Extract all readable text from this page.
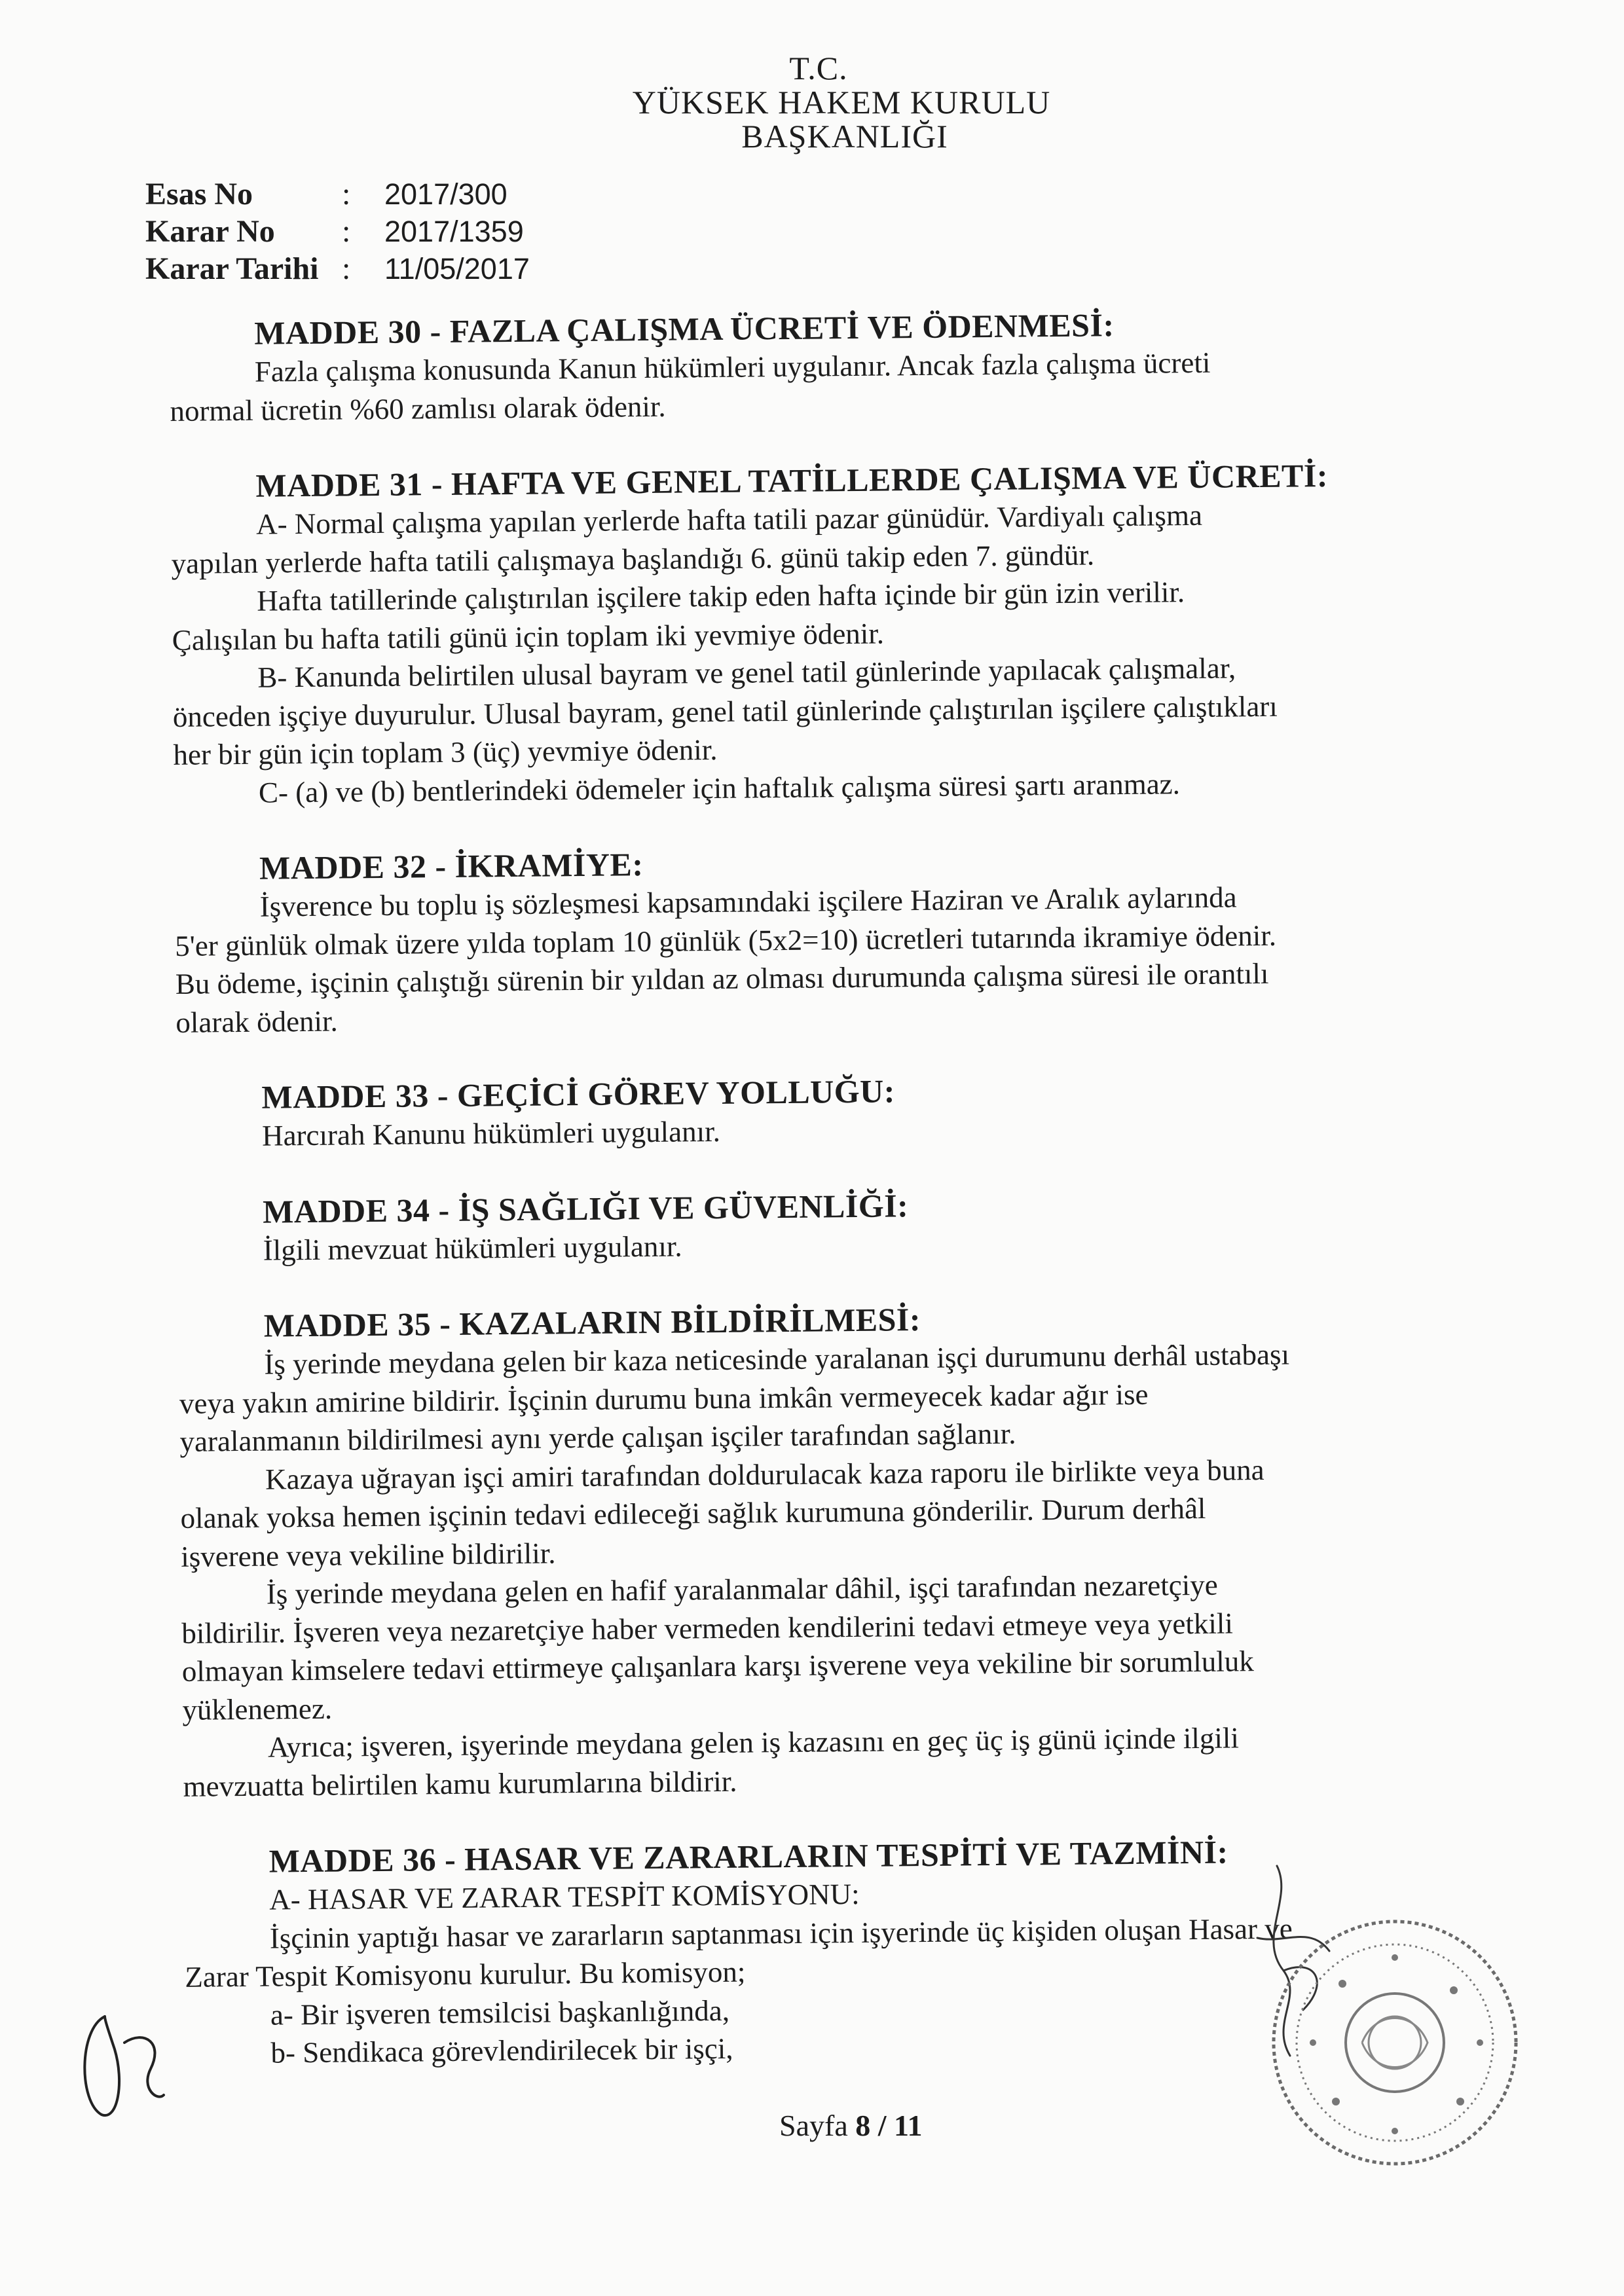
T.C.
YÜKSEK HAKEM KURULU
BAŞKANLIĞI
Esas No	:	2017/300
Karar No	:	2017/1359
Karar Tarihi :	11/05/2017
MADDE 30 - FAZLA ÇALIŞMA ÜCRETİ VE ÖDENMESİ:
Fazla çalışma konusunda Kanun hükümleri uygulanır. Ancak fazla çalışma ücreti
normal ücretin %60 zamlısı olarak ödenir.
MADDE 31 - HAFTA VE GENEL TATİLLERDE ÇALIŞMA VE ÜCRETİ:
A- Normal çalışma yapılan yerlerde hafta tatili pazar günüdür. Vardiyalı çalışma
yapılan yerlerde hafta tatili çalışmaya başlandığı 6. günü takip eden 7. gündür.
Hafta tatillerinde çalıştırılan işçilere takip eden hafta içinde bir gün izin verilir.
Çalışılan bu hafta tatili günü için toplam iki yevmiye ödenir.
B- Kanunda belirtilen ulusal bayram ve genel tatil günlerinde yapılacak çalışmalar,
önceden işçiye duyurulur. Ulusal bayram, genel tatil günlerinde çalıştırılan işçilere çalıştıkları
her bir gün için toplam 3 (üç) yevmiye ödenir.
C- (a) ve (b) bentlerindeki ödemeler için haftalık çalışma süresi şartı aranmaz.
MADDE 32 - İKRAMİYE:
İşverence bu toplu iş sözleşmesi kapsamındaki işçilere Haziran ve Aralık aylarında
5'er günlük olmak üzere yılda toplam 10 günlük (5x2=10) ücretleri tutarında ikramiye ödenir.
Bu ödeme, işçinin çalıştığı sürenin bir yıldan az olması durumunda çalışma süresi ile orantılı
olarak ödenir.
MADDE 33 - GEÇİCİ GÖREV YOLLUĞU:
Harcırah Kanunu hükümleri uygulanır.
MADDE 34 - İŞ SAĞLIĞI VE GÜVENLİĞİ:
İlgili mevzuat hükümleri uygulanır.
MADDE 35 - KAZALARIN BİLDİRİLMESİ:
İş yerinde meydana gelen bir kaza neticesinde yaralanan işçi durumunu derhâl ustabaşı
veya yakın amirine bildirir. İşçinin durumu buna imkân vermeyecek kadar ağır ise
yaralanmanın bildirilmesi aynı yerde çalışan işçiler tarafından sağlanır.
Kazaya uğrayan işçi amiri tarafından doldurulacak kaza raporu ile birlikte veya buna
olanak yoksa hemen işçinin tedavi edileceği sağlık kurumuna gönderilir. Durum derhâl
işverene veya vekiline bildirilir.
İş yerinde meydana gelen en hafif yaralanmalar dâhil, işçi tarafından nezaretçiye
bildirilir. İşveren veya nezaretçiye haber vermeden kendilerini tedavi etmeye veya yetkili
olmayan kimselere tedavi ettirmeye çalışanlara karşı işverene veya vekiline bir sorumluluk
yüklenemez.
Ayrıca; işveren, işyerinde meydana gelen iş kazasını en geç üç iş günü içinde ilgili
mevzuatta belirtilen kamu kurumlarına bildirir.
MADDE 36 - HASAR VE ZARARLARIN TESPİTİ VE TAZMİNİ:
A- HASAR VE ZARAR TESPİT KOMİSYONU:
İşçinin yaptığı hasar ve zararların saptanması için işyerinde üç kişiden oluşan Hasar ve
Zarar Tespit Komisyonu kurulur. Bu komisyon;
a- Bir işveren temsilcisi başkanlığında,
b- Sendikaca görevlendirilecek bir işçi,
Sayfa 8 / 11
